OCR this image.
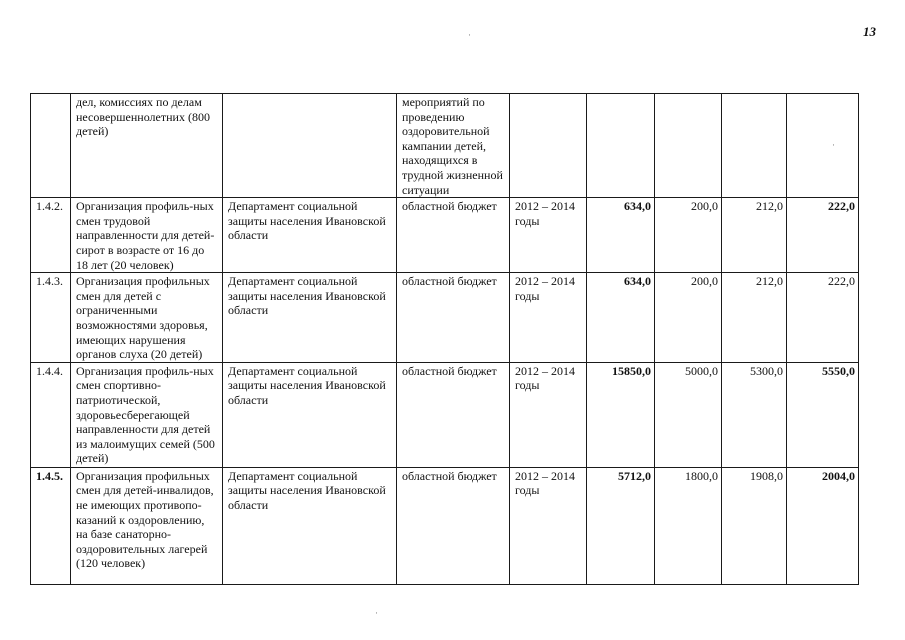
13
	дел, комиссиях по делам несовершеннолетних (800 детей)		мероприятий по проведению оздоровительной кампании детей, находящихся в трудной жизненной ситуации					
1.4.2.	Организация профиль-ных смен трудовой направленности для детей-сирот в возрасте от 16 до 18 лет (20 человек)	Департамент социальной защиты населения Ивановской области	областной бюджет	2012 – 2014 годы	634,0	200,0	212,0	222,0
1.4.3.	Организация профильных смен для детей с ограниченными возможностями здоровья, имеющих нарушения органов слуха (20 детей)	Департамент социальной защиты населения Ивановской области	областной бюджет	2012 – 2014 годы	634,0	200,0	212,0	222,0
1.4.4.	Организация профиль-ных смен спортивно-патриотической, здоровьесберегающей направленности для детей из малоимущих семей (500 детей)	Департамент социальной защиты населения Ивановской области	областной бюджет	2012 – 2014 годы	15850,0	5000,0	5300,0	5550,0
1.4.5.	Организация профильных смен для детей-инвалидов, не имеющих противопо-казаний к оздоровлению, на базе санаторно-оздоровительных лагерей (120 человек)	Департамент социальной защиты населения Ивановской области	областной бюджет	2012 – 2014 годы	5712,0	1800,0	1908,0	2004,0
·
·
·
